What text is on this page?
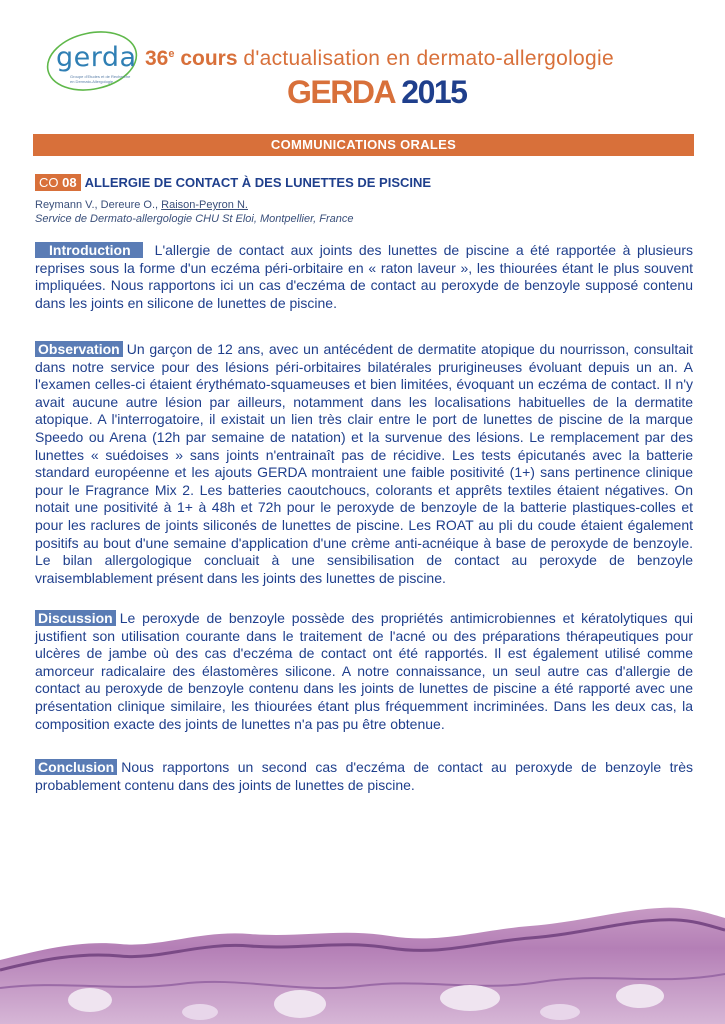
gerda
Groupe d'Etudes et de Recherche en Dermato-Allergologie
36e cours d'actualisation en dermato-allergologie
GERDA 2015
COMMUNICATIONS ORALES
CO 08 ALLERGIE DE CONTACT À DES LUNETTES DE PISCINE
Reymann V., Dereure O., Raison-Peyron N.
Service de Dermato-allergologie CHU St Eloi, Montpellier, France

Introduction L'allergie de contact aux joints des lunettes de piscine a été rapportée à plusieurs reprises sous la forme d'un eczéma péri-orbitaire en « raton laveur », les thiourées étant le plus souvent impliquées. Nous rapportons ici un cas d'eczéma de contact au peroxyde de benzoyle supposé contenu dans les joints en silicone de lunettes de piscine.

Observation Un garçon de 12 ans, avec un antécédent de dermatite atopique du nourrisson, consultait dans notre service pour des lésions péri-orbitaires bilatérales prurigineuses évoluant depuis un an. A l'examen celles-ci étaient érythémato-squameuses et bien limitées, évoquant un eczéma de contact. Il n'y avait aucune autre lésion par ailleurs, notamment dans les localisations habituelles de la dermatite atopique. A l'interrogatoire, il existait un lien très clair entre le port de lunettes de piscine de la marque Speedo ou Arena (12h par semaine de natation) et la survenue des lésions. Le remplacement par des lunettes « suédoises » sans joints n'entrainaît pas de récidive. Les tests épicutanés avec la batterie standard européenne et les ajouts GERDA montraient une faible positivité (1+) sans pertinence clinique pour le Fragrance Mix 2. Les batteries caoutchoucs, colorants et apprêts textiles étaient négatives. On notait une positivité à 1+ à 48h et 72h pour le peroxyde de benzoyle de la batterie plastiques-colles et pour les raclures de joints siliconés de lunettes de piscine. Les ROAT au pli du coude étaient également positifs au bout d'une semaine d'application d'une crème anti-acnéique à base de peroxyde de benzoyle. Le bilan allergologique concluait à une sensibilisation de contact au peroxyde de benzoyle vraisemblablement présent dans les joints des lunettes de piscine.

Discussion Le peroxyde de benzoyle possède des propriétés antimicrobiennes et kératolytiques qui justifient son utilisation courante dans le traitement de l'acné ou des préparations thérapeutiques pour ulcères de jambe où des cas d'eczéma de contact ont été rapportés. Il est également utilisé comme amorceur radicalaire des élastomères silicone. A notre connaissance, un seul autre cas d'allergie de contact au peroxyde de benzoyle contenu dans les joints de lunettes de piscine a été rapporté avec une présentation clinique similaire, les thiourées étant plus fréquemment incriminées. Dans les deux cas, la composition exacte des joints de lunettes n'a pas pu être obtenue.

Conclusion Nous rapportons un second cas d'eczéma de contact au peroxyde de benzoyle très probablement contenu dans des joints de lunettes de piscine.
